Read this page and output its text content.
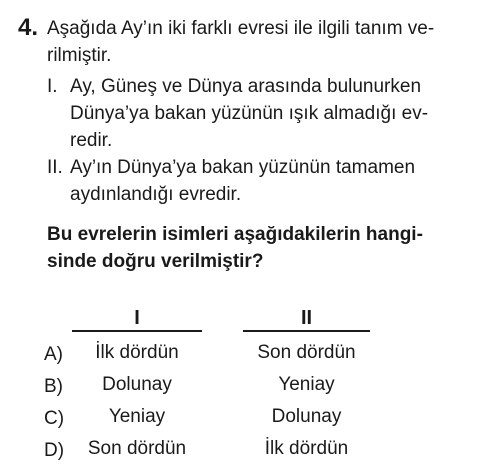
4. Aşağıda Ay’ın iki farklı evresi ile ilgili tanım ve-
rilmiştir.
I. Ay, Güneş ve Dünya arasında bulunurken
Dünya’ya bakan yüzünün ışık almadığı ev-
redir.
II. Ay’ın Dünya’ya bakan yüzünün tamamen
aydınlandığı evredir.
Bu evrelerin isimleri aşağıdakilerin hangi-
sinde doğru verilmiştir?
I	II
A)	İlk dördün	Son dördün
B)	Dolunay	Yeniay
C)	Yeniay	Dolunay
D)	Son dördün	İlk dördün
